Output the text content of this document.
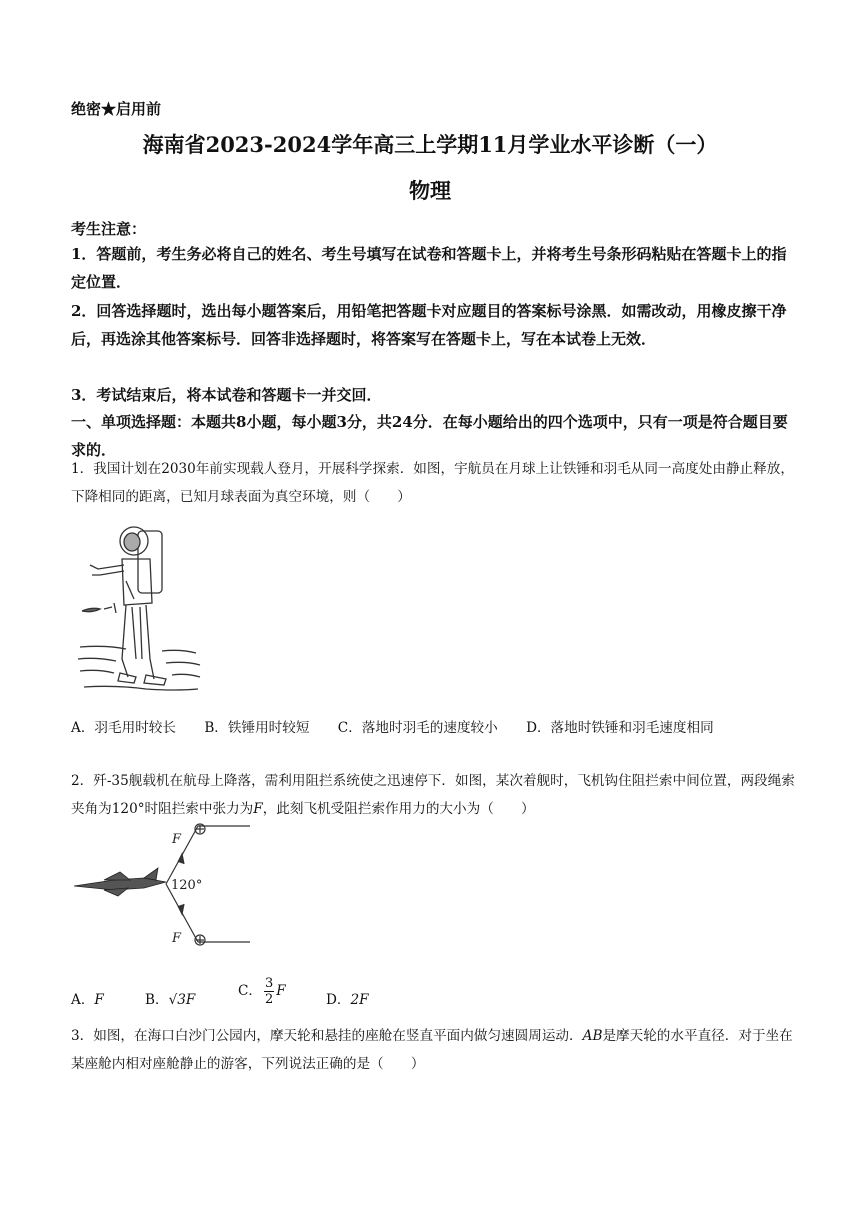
绝密★启用前
海南省2023-2024学年高三上学期11月学业水平诊断（一）
物理
考生注意：
1．答题前，考生务必将自己的姓名、考生号填写在试卷和答题卡上，并将考生号条形码粘贴在答题卡上的指定位置．
2．回答选择题时，选出每小题答案后，用铅笔把答题卡对应题目的答案标号涂黑．如需改动，用橡皮擦干净后，再选涂其他答案标号．回答非选择题时，将答案写在答题卡上，写在本试卷上无效．
3．考试结束后，将本试卷和答题卡一并交回．
一、单项选择题：本题共8小题，每小题3分，共24分．在每小题给出的四个选项中，只有一项是符合题目要求的．
1．我国计划在2030年前实现载人登月，开展科学探索．如图，宇航员在月球上让铁锤和羽毛从同一高度处由静止释放，下降相同的距离，已知月球表面为真空环境，则（　　）
A．羽毛用时较长 B．铁锤用时较短 C．落地时羽毛的速度较小 D．落地时铁锤和羽毛速度相同
2．歼-35舰载机在航母上降落，需利用阻拦系统使之迅速停下．如图，某次着舰时，飞机钩住阻拦索中间位置，两段绳索夹角为120°时阻拦索中张力为F，此刻飞机受阻拦索作用力的大小为（　　）
120°
F
F
A．F	B．√3F
C． $\frac{3}{2}$ F
D．2F
3．如图，在海口白沙门公园内，摩天轮和悬挂的座舱在竖直平面内做匀速圆周运动．AB是摩天轮的水平直径．对于坐在某座舱内相对座舱静止的游客，下列说法正确的是（　　）
